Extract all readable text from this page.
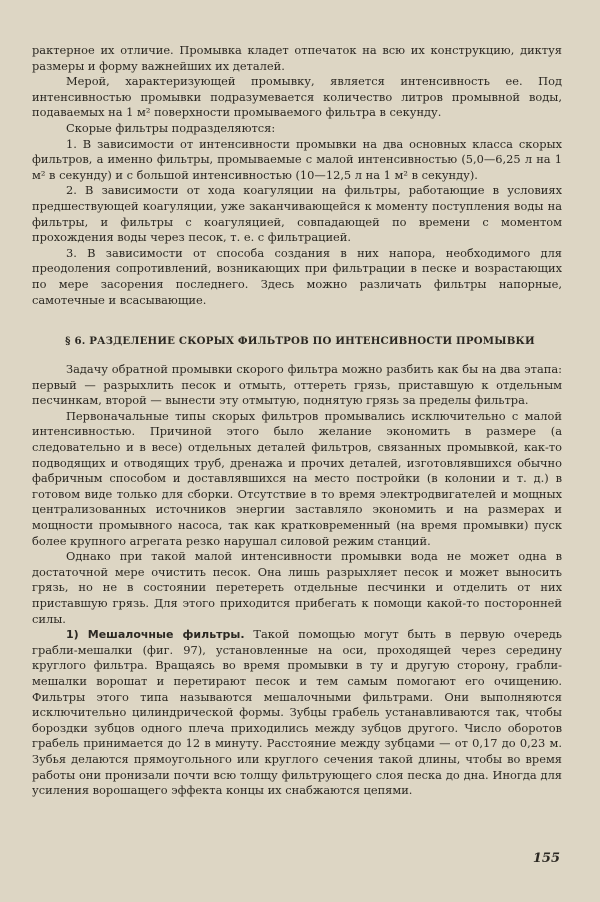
рактерное их отличие. Промывка кладет отпечаток на всю их конструкцию, диктуя размеры и форму важнейших их деталей.

Мерой, характеризующей промывку, является интенсивность ее. Под интенсивностью промывки подразумевается количество литров промывной воды, подаваемых на 1 м² поверхности промываемого фильтра в секунду.

Скорые фильтры подразделяются:

1. В зависимости от интенсивности промывки на два основных класса скорых фильтров, а именно фильтры, промываемые с малой интенсивностью (5,0—6,25 л на 1 м² в секунду) и с большой интенсивностью (10—12,5 л на 1 м² в секунду).

2. В зависимости от хода коагуляции на фильтры, работающие в условиях предшествующей коагуляции, уже заканчивающейся к моменту поступления воды на фильтры, и фильтры с коагуляцией, совпадающей по времени с моментом прохождения воды через песок, т. е. с фильтрацией.

3. В зависимости от способа создания в них напора, необходимого для преодоления сопротивлений, возникающих при фильтрации в песке и возрастающих по мере засорения последнего. Здесь можно различать фильтры напорные, самотечные и всасывающие.

§ 6. РАЗДЕЛЕНИЕ СКОРЫХ ФИЛЬТРОВ ПО ИНТЕНСИВНОСТИ ПРОМЫВКИ

Задачу обратной промывки скорого фильтра можно разбить как бы на два этапа: первый — разрыхлить песок и отмыть, оттереть грязь, приставшую к отдельным песчинкам, второй — вынести эту отмытую, поднятую грязь за пределы фильтра.

Первоначальные типы скорых фильтров промывались исключительно с малой интенсивностью. Причиной этого было желание экономить в размере (а следовательно и в весе) отдельных деталей фильтров, связанных промывкой, как-то подводящих и отводящих труб, дренажа и прочих деталей, изготовлявшихся обычно фабричным способом и доставлявшихся на место постройки (в колонии и т. д.) в готовом виде только для сборки. Отсутствие в то время электродвигателей и мощных централизованных источников энергии заставляло экономить и на размерах и мощности промывного насоса, так как кратковременный (на время промывки) пуск более крупного агрегата резко нарушал силовой режим станций.

Однако при такой малой интенсивности промывки вода не может одна в достаточной мере очистить песок. Она лишь разрыхляет песок и может выносить грязь, но не в состоянии перетереть отдельные песчинки и отделить от них приставшую грязь. Для этого приходится прибегать к помощи какой-то посторонней силы.

1) Мешалочные фильтры. Такой помощью могут быть в первую очередь грабли-мешалки (фиг. 97), установленные на оси, проходящей через середину круглого фильтра. Вращаясь во время промывки в ту и другую сторону, грабли-мешалки ворошат и перетирают песок и тем самым помогают его очищению. Фильтры этого типа называются мешалочными фильтрами. Они выполняются исключительно цилиндрической формы. Зубцы грабель устанавливаются так, чтобы бороздки зубцов одного плеча приходились между зубцов другого. Число оборотов грабель принимается до 12 в минуту. Расстояние между зубцами — от 0,17 до 0,23 м. Зубья делаются прямоугольного или круглого сечения такой длины, чтобы во время работы они пронизали почти всю толщу фильтрующего слоя песка до дна. Иногда для усиления ворошащего эффекта концы их снабжаются цепями.

155
